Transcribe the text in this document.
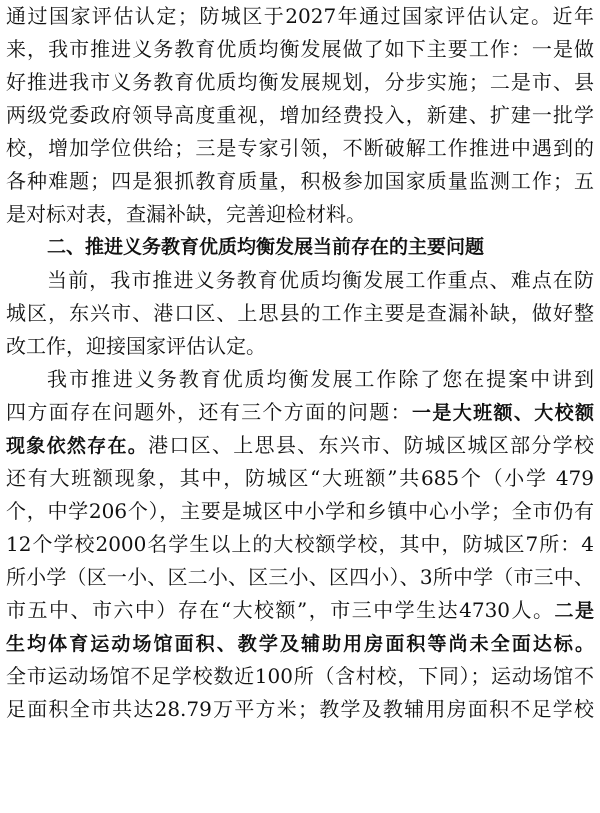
通过国家评估认定；防城区于2027年通过国家评估认定。近年
来，我市推进义务教育优质均衡发展做了如下主要工作：一是做
好推进我市义务教育优质均衡发展规划，分步实施；二是市、县
两级党委政府领导高度重视，增加经费投入，新建、扩建一批学
校，增加学位供给；三是专家引领，不断破解工作推进中遇到的
各种难题；四是狠抓教育质量，积极参加国家质量监测工作；五
是对标对表，查漏补缺，完善迎检材料。
二、推进义务教育优质均衡发展当前存在的主要问题
当前，我市推进义务教育优质均衡发展工作重点、难点在防
城区，东兴市、港口区、上思县的工作主要是查漏补缺，做好整
改工作，迎接国家评估认定。
我市推进义务教育优质均衡发展工作除了您在提案中讲到
四方面存在问题外，还有三个方面的问题：一是大班额、大校额
现象依然存在。港口区、上思县、东兴市、防城区城区部分学校
还有大班额现象，其中，防城区“大班额”共685个（小学 479
个，中学206个），主要是城区中小学和乡镇中心小学；全市仍有
12个学校2000名学生以上的大校额学校，其中，防城区7所：4
所小学（区一小、区二小、区三小、区四小）、3所中学（市三中、
市五中、市六中）存在“大校额”，市三中学生达4730人。二是
生均体育运动场馆面积、教学及辅助用房面积等尚未全面达标。
全市运动场馆不足学校数近100所（含村校，下同）；运动场馆不
足面积全市共达28.79万平方米；教学及教辅用房面积不足学校
